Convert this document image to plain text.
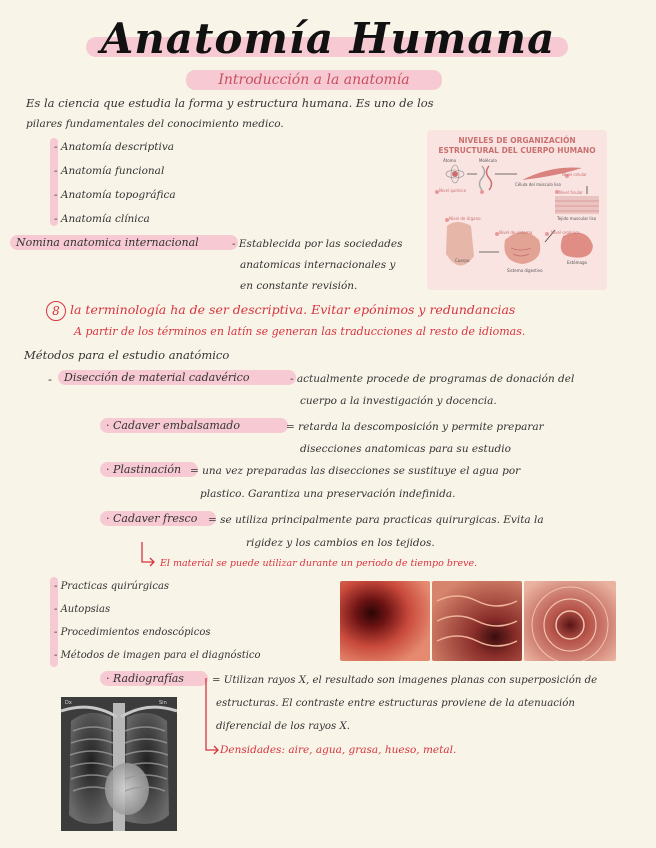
Anatomía Humana
Introducción a la anatomía
Es la ciencia que estudia la forma y estructura humana. Es uno de los
pilares fundamentales del conocimiento medico.
- Anatomía descriptiva
- Anatomía funcional
- Anatomía topográfica
- Anatomía clínica
Nomina anatomica internacional	- Establecida por las sociedades
anatomicas internacionales y
en constante revisión.
NIVELES DE ORGANIZACIÓN
ESTRUCTURAL DEL CUERPO HUMANO
Átomo	Molécula
Nivel químico
Nivel celular
Célula del músculo liso
Nivel tisular
Tejido muscular liso
Nivel de órgano
Nivel de sistema	Nivel orgánico
Estómago
Sistema digestivo
Cuerpo
8 la terminología ha de ser descriptiva. Evitar epónimos y redundancias
A partir de los términos en latín se generan las traducciones al resto de idiomas.
Métodos para el estudio anatómico
-	Disección de material cadavérico	- actualmente procede de programas de donación del
cuerpo a la investigación y docencia.
· Cadaver embalsamado	= retarda la descomposición y permite preparar
disecciones anatomicas para su estudio
· Plastinación = una vez preparadas las disecciones se sustituye el agua por
plastico. Garantiza una preservación indefinida.
· Cadaver fresco	= se utiliza principalmente para practicas quirurgicas. Evita la
rigidez y los cambios en los tejidos.
El material se puede utilizar durante un periodo de tiempo breve.
- Practicas quirúrgicas
- Autopsias
- Procedimientos endoscópicos
- Métodos de imagen para el diagnóstico
· Radiografías	= Utilizan rayos X, el resultado son imagenes planas con superposición de
estructuras. El contraste entre estructuras proviene de la atenuación
diferencial de los rayos X.
Densidades: aire, agua, grasa, hueso, metal.
Dx	Sin
